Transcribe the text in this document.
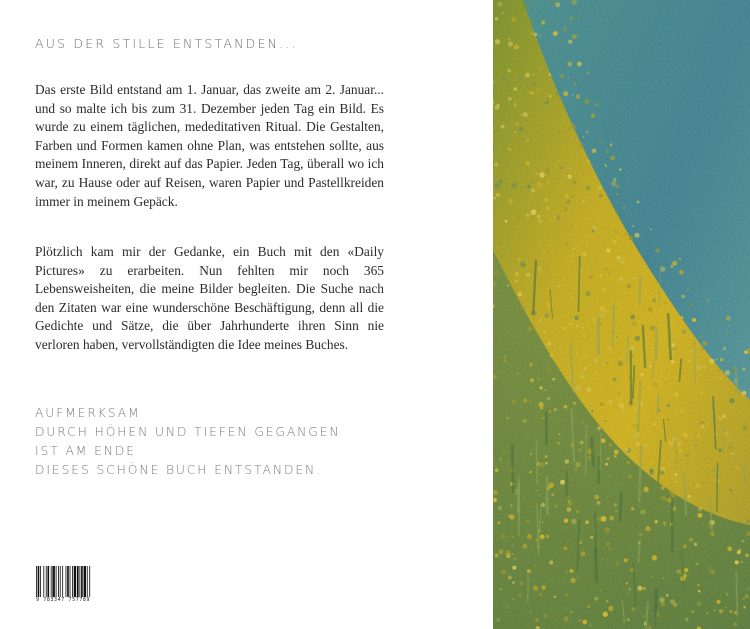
AUS DER STILLE ENTSTANDEN...

Das erste Bild entstand am 1. Januar, das zweite am 2. Januar... und so malte ich bis zum 31. Dezember jeden Tag ein Bild. Es wurde zu einem täglichen, mededitativen Ritual. Die Gestalten, Farben und Formen kamen ohne Plan, was entstehen sollte, aus meinem Inneren, direkt auf das Papier. Jeden Tag, überall wo ich war, zu Hause oder auf Reisen, waren Papier und Pastellkreiden immer in meinem Gepäck.

Plötzlich kam mir der Gedanke, ein Buch mit den «Daily Pictures» zu erarbeiten. Nun fehlten mir noch 365 Lebensweisheiten, die meine Bilder begleiten. Die Suche nach den Zitaten war eine wunderschöne Beschäftigung, denn all die Gedichte und Sätze, die über Jahrhunderte ihren Sinn nie verloren haben, vervollständigten die Idee meines Buches.

AUFMERKSAM
DURCH HÖHEN UND TIEFEN GEGANGEN
IST AM ENDE
DIESES SCHÖNE BUCH ENTSTANDEN.
9 783347 757789
